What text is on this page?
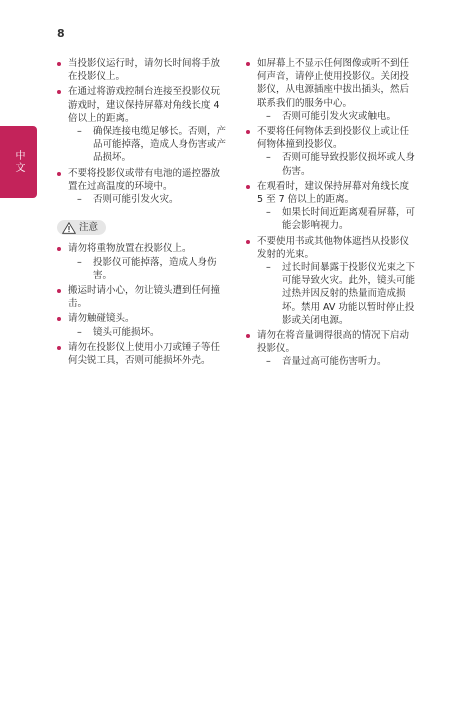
8
中文
当投影仪运行时，请勿长时间将手放在投影仪上。
在通过将游戏控制台连接至投影仪玩游戏时，建议保持屏幕对角线长度 4 倍以上的距离。
– 确保连接电缆足够长。否则，产品可能掉落，造成人身伤害或产品损坏。
不要将投影仪或带有电池的遥控器放置在过高温度的环境中。
– 否则可能引发火灾。
注意
请勿将重物放置在投影仪上。
– 投影仪可能掉落，造成人身伤害。
搬运时请小心，勿让镜头遭到任何撞击。
请勿触碰镜头。
– 镜头可能损坏。
请勿在投影仪上使用小刀或锤子等任何尖锐工具，否则可能损坏外壳。
如屏幕上不显示任何图像或听不到任何声音，请停止使用投影仪。关闭投影仪，从电源插座中拔出插头，然后联系我们的服务中心。
– 否则可能引发火灾或触电。
不要将任何物体丢到投影仪上或让任何物体撞到投影仪。
– 否则可能导致投影仪损坏或人身伤害。
在观看时，建议保持屏幕对角线长度 5 至 7 倍以上的距离。
– 如果长时间近距离观看屏幕，可能会影响视力。
不要使用书或其他物体遮挡从投影仪发射的光束。
– 过长时间暴露于投影仪光束之下可能导致火灾。此外，镜头可能过热并因反射的热量而造成损坏。禁用 AV 功能以暂时停止投影或关闭电源。
请勿在将音量调得很高的情况下启动投影仪。
– 音量过高可能伤害听力。
